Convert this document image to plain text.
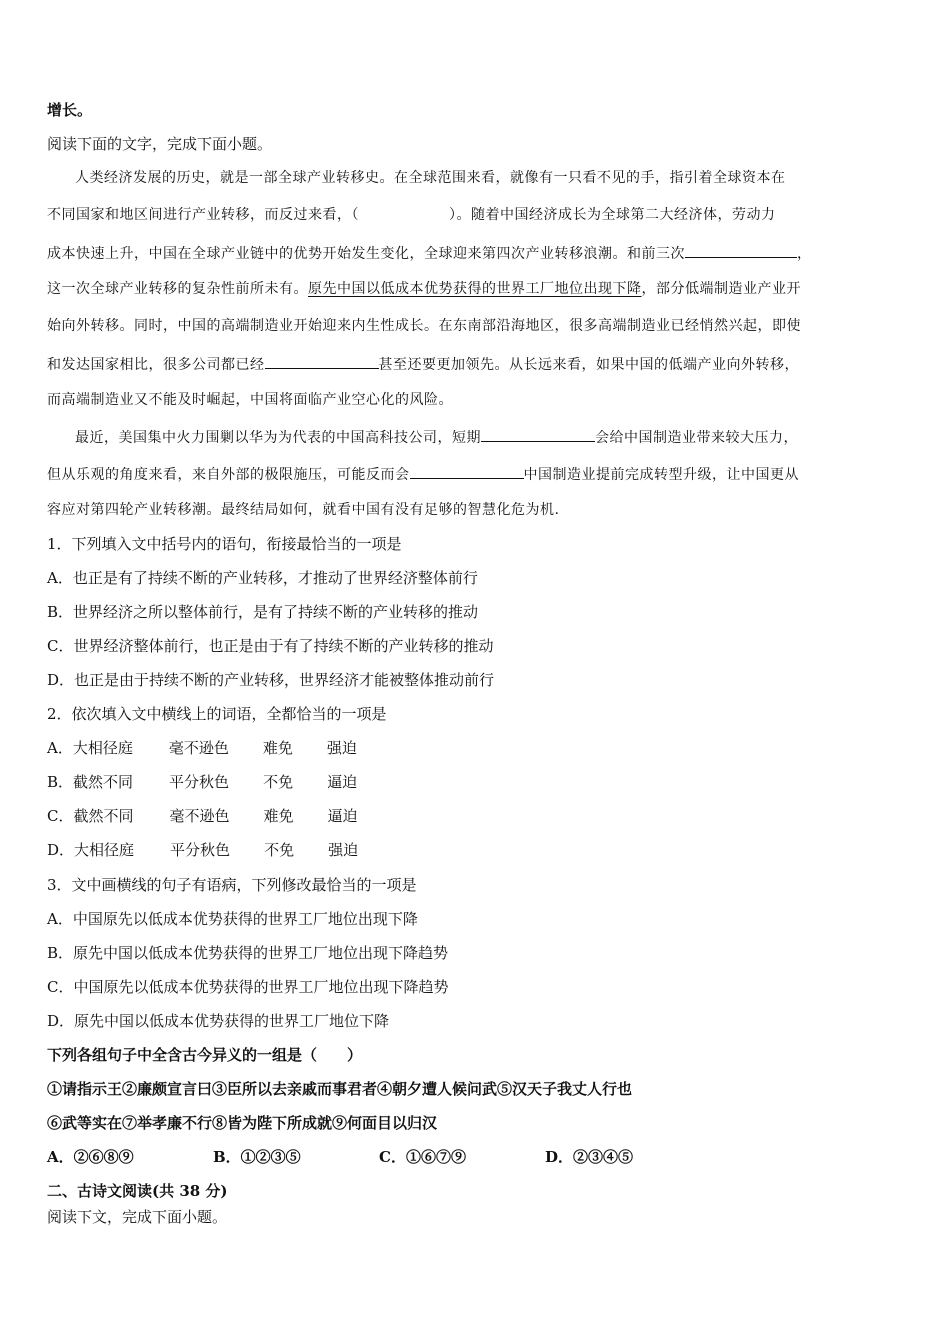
增长。
阅读下面的文字，完成下面小题。
人类经济发展的历史，就是一部全球产业转移史。在全球范围来看，就像有一只看不见的手，指引着全球资本在
不同国家和地区间进行产业转移，而反过来看，（	）。随着中国经济成长为全球第二大经济体，劳动力
成本快速上升，中国在全球产业链中的优势开始发生变化，全球迎来第四次产业转移浪潮。和前三次	，
这一次全球产业转移的复杂性前所未有。原先中国以低成本优势获得的世界工厂地位出现下降，部分低端制造业产业开
始向外转移。同时，中国的高端制造业开始迎来内生性成长。在东南部沿海地区，很多高端制造业已经悄然兴起，即使
和发达国家相比，很多公司都已经	甚至还要更加领先。从长远来看，如果中国的低端产业向外转移，
而高端制造业又不能及时崛起，中国将面临产业空心化的风险。
最近，美国集中火力围剿以华为为代表的中国高科技公司，短期	会给中国制造业带来较大压力，
但从乐观的角度来看，来自外部的极限施压，可能反而会	中国制造业提前完成转型升级，让中国更从
容应对第四轮产业转移潮。最终结局如何，就看中国有没有足够的智慧化危为机.
1．下列填入文中括号内的语句，衔接最恰当的一项是
A．也正是有了持续不断的产业转移，才推动了世界经济整体前行
B．世界经济之所以整体前行，是有了持续不断的产业转移的推动
C．世界经济整体前行，也正是由于有了持续不断的产业转移的推动
D．也正是由于持续不断的产业转移，世界经济才能被整体推动前行
2．依次填入文中横线上的词语，全都恰当的一项是
A．大相径庭 毫不逊色 难免 强迫
B．截然不同 平分秋色 不免 逼迫
C．截然不同 毫不逊色 难免 逼迫
D．大相径庭 平分秋色 不免 强迫
3．文中画横线的句子有语病，下列修改最恰当的一项是
A．中国原先以低成本优势获得的世界工厂地位出现下降
B．原先中国以低成本优势获得的世界工厂地位出现下降趋势
C．中国原先以低成本优势获得的世界工厂地位出现下降趋势
D．原先中国以低成本优势获得的世界工厂地位下降
下列各组句子中全含古今异义的一组是（　　）
①请指示王②廉颇宣言曰③臣所以去亲戚而事君者④朝夕遭人候问武⑤汉天子我丈人行也
⑥武等实在⑦举孝廉不行⑧皆为陛下所成就⑨何面目以归汉
A．②⑥⑧⑨	B．①②③⑤	C．①⑥⑦⑨	D．②③④⑤
二、古诗文阅读(共 38 分)
阅读下文，完成下面小题。
